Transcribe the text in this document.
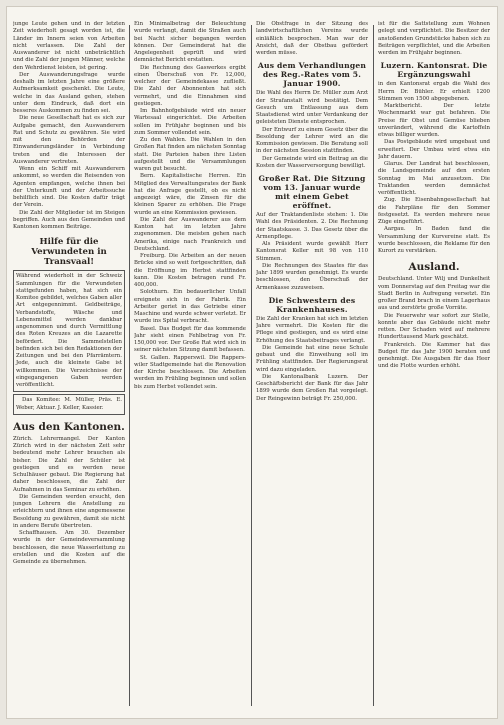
junge Leute gehen und in der letzten Zeit wiederholt gesagt worden ist, die Länder im Innern seien von Arbeiten nicht verlassen. Die Zahl der Auswanderer ist nicht unbeträchtlich und die Zahl der jungen Männer, welche den Wehrdienst leisten, ist gering.

Der Auswanderungsfrage wurde deshalb im letzten Jahre eine größere Aufmerksamkeit geschenkt. Die Leute, welche in das Ausland gehen, stehen unter dem Eindruck, daß dort ein besseres Auskommen zu finden sei.

Die neue Gesellschaft hat es sich zur Aufgabe gemacht, den Auswanderern Rat und Schutz zu gewähren. Sie wird mit den Behörden der Einwanderungsländer in Verbindung treten und die Interessen der Auswanderer vertreten.

Wenn ein Schiff mit Auswanderern ankommt, so werden die Reisenden von Agenten empfangen, welche ihnen bei der Unterkunft und der Arbeitssuche behilflich sind. Die Kosten dafür trägt der Verein.

Die Zahl der Mitglieder ist im Steigen begriffen. Auch aus den Gemeinden und Kantonen kommen Beiträge.

Hilfe für die Verwundeten in Transvaal!

Während wiederholt in der Schweiz Sammlungen für die Verwundeten stattgefunden haben, hat sich ein Komitee gebildet, welches Gaben aller Art entgegennimmt. Geldbeiträge, Verbandstoffe, Wäsche und Lebensmittel werden dankbar angenommen und durch Vermittlung des Roten Kreuzes an die Lazarette befördert. Die Sammelstellen befinden sich bei den Redaktionen der Zeitungen und bei den Pfarrämtern. Jede, auch die kleinste Gabe ist willkommen. Die Verzeichnisse der eingegangenen Gaben werden veröffentlicht.

Das Komitee: M. Müller, Präs. E. Weber, Aktuar. J. Keller, Kassier.

Aus den Kantonen.

Zürich. Lehrermangel. Der Kanton Zürich wird in der nächsten Zeit sehr bedeutend mehr Lehrer brauchen als bisher. Die Zahl der Schüler ist gestiegen und es werden neue Schulhäuser gebaut. Die Regierung hat daher beschlossen, die Zahl der Aufnahmen in das Seminar zu erhöhen.

Die Gemeinden werden ersucht, den jungen Lehrern die Anstellung zu erleichtern und ihnen eine angemessene Besoldung zu gewähren, damit sie nicht in andere Berufe übertreten.

Schaffhausen. Am 30. Dezember wurde in der Gemeindeversammlung beschlossen, die neue Wasserleitung zu erstellen und die Kosten auf die Gemeinde zu übernehmen.

Ein Minimalbetrag der Beleuchtung wurde verlangt, damit die Straßen auch bei Nacht sicher begangen werden können. Der Gemeinderat hat die Angelegenheit geprüft und wird demnächst Bericht erstatten.

Die Rechnung des Gaswerkes ergibt einen Überschuß von Fr. 12,000, welcher der Gemeindekasse zufließt. Die Zahl der Abonnenten hat sich vermehrt, und die Einnahmen sind gestiegen.

Im Bahnhofgebäude wird ein neuer Wartesaal eingerichtet. Die Arbeiten sollen im Frühjahr beginnen und bis zum Sommer vollendet sein.

Zu den Wahlen. Die Wahlen in den Großen Rat finden am nächsten Sonntag statt. Die Parteien haben ihre Listen aufgestellt und die Versammlungen waren gut besucht.

Bern. Kapitalistische Herren. Ein Mitglied des Verwaltungsrates der Bank hat die Anfrage gestellt, ob es nicht angezeigt wäre, die Zinsen für die kleinen Sparer zu erhöhen. Die Frage wurde an eine Kommission gewiesen.

Die Zahl der Auswanderer aus dem Kanton hat im letzten Jahre zugenommen. Die meisten gehen nach Amerika, einige nach Frankreich und Deutschland.

Freiburg. Die Arbeiten an der neuen Brücke sind so weit fortgeschritten, daß die Eröffnung im Herbst stattfinden kann. Die Kosten betragen rund Fr. 400,000.

Solothurn. Ein bedauerlicher Unfall ereignete sich in der Fabrik. Ein Arbeiter geriet in das Getriebe einer Maschine und wurde schwer verletzt. Er wurde ins Spital verbracht.

Basel. Das Budget für das kommende Jahr sieht einen Fehlbetrag von Fr. 150,000 vor. Der Große Rat wird sich in seiner nächsten Sitzung damit befassen.

St. Gallen. Rapperswil. Die Rappers-wiler Stadtgemeinde hat die Renovation der Kirche beschlossen. Die Arbeiten werden im Frühling beginnen und sollen bis zum Herbst vollendet sein.

Die Obstfrage in der Sitzung des landwirtschaftlichen Vereins wurde einläßlich besprochen. Man war der Ansicht, daß der Obstbau gefördert werden müsse.

Aus dem Verhandlungen des Reg.-Rates vom 5. Januar 1900.

Die Wahl des Herrn Dr. Müller zum Arzt der Strafanstalt wird bestätigt. Dem Gesuch um Entlassung aus dem Staatsdienst wird unter Verdankung der geleisteten Dienste entsprochen.

Der Entwurf zu einem Gesetz über die Besoldung der Lehrer wird an die Kommission gewiesen. Die Beratung soll in der nächsten Session stattfinden.

Der Gemeinde wird ein Beitrag an die Kosten der Wasserversorgung bewilligt.

Großer Rat. Die Sitzung vom 13. Januar wurde mit einem Gebet eröffnet.

Auf der Traktandenliste stehen: 1. Die Wahl des Präsidenten. 2. Die Rechnung der Staatskasse. 3. Das Gesetz über die Armenpflege.

Als Präsident wurde gewählt Herr Kantonsrat Keller mit 98 von 110 Stimmen.

Die Rechnungen des Staates für das Jahr 1899 wurden genehmigt. Es wurde beschlossen, den Überschuß der Armenkasse zuzuweisen.

Die Schwestern des Krankenhauses.

Die Zahl der Kranken hat sich im letzten Jahre vermehrt. Die Kosten für die Pflege sind gestiegen, und es wird eine Erhöhung des Staatsbeitrages verlangt.

Die Gemeinde hat eine neue Schule gebaut und die Einweihung soll im Frühling stattfinden. Der Regierungsrat wird dazu eingeladen.

Die Kantonalbank Luzern. Der Geschäftsbericht der Bank für das Jahr 1899 wurde dem Großen Rat vorgelegt. Der Reingewinn beträgt Fr. 250,000.

ist für die Sattstellung zum Wohnen gelegt und verpflichtet. Die Besitzer der anstoßenden Grundstücke haben sich zu Beiträgen verpflichtet, und die Arbeiten werden im Frühjahr beginnen.

Luzern. Kantonsrat. Die Ergänzungswahl

in den Kantonsrat ergab die Wahl des Herrn Dr. Bühler. Er erhielt 1200 Stimmen von 1500 abgegebenen.

Marktbericht. Der letzte Wochenmarkt war gut befahren. Die Preise für Obst und Gemüse blieben unverändert, während die Kartoffeln etwas billiger wurden.

Das Postgebäude wird umgebaut und erweitert. Der Umbau wird etwa ein Jahr dauern.

Glarus. Der Landrat hat beschlossen, die Landsgemeinde auf den ersten Sonntag im Mai anzusetzen. Die Traktanden werden demnächst veröffentlicht.

Zug. Die Eisenbahngesellschaft hat die Fahrpläne für den Sommer festgesetzt. Es werden mehrere neue Züge eingeführt.

Aargau. In Baden fand die Versammlung der Kurvereine statt. Es wurde beschlossen, die Reklame für den Kurort zu verstärken.

Ausland.

Deutschland. Unter Wilj und Dunkelheit vom Donnerstag auf den Freitag war die Stadt Berlin in Aufregung versetzt. Ein großer Brand brach in einem Lagerhaus aus und zerstörte große Vorräte.

Die Feuerwehr war sofort zur Stelle, konnte aber das Gebäude nicht mehr retten. Der Schaden wird auf mehrere Hunderttausend Mark geschätzt.

Frankreich. Die Kammer hat das Budget für das Jahr 1900 beraten und genehmigt. Die Ausgaben für das Heer und die Flotte wurden erhöht.
